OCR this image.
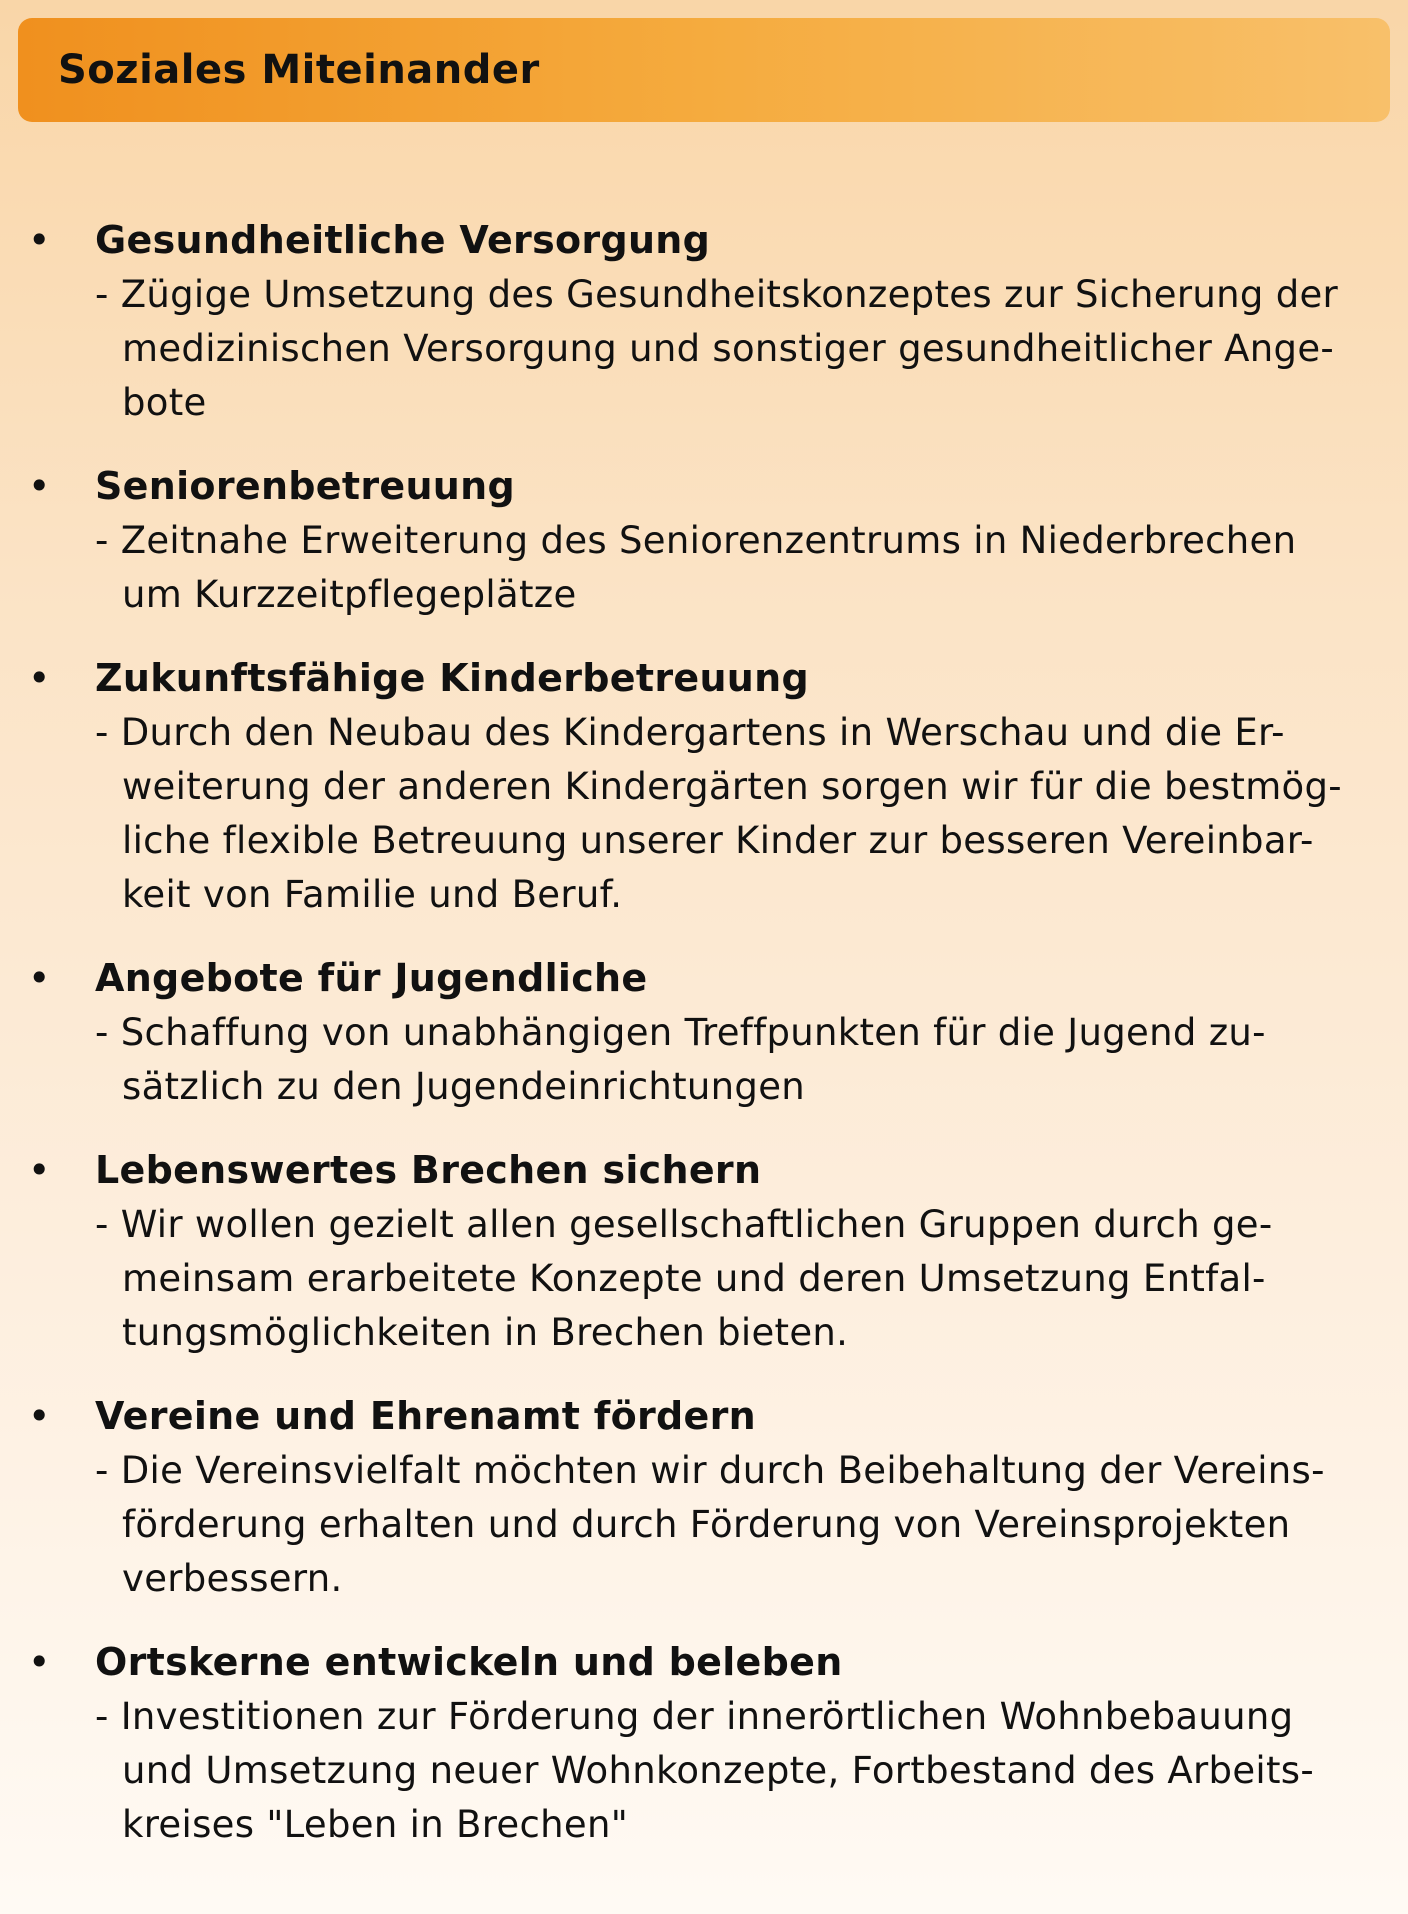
Soziales Miteinander
• Gesundheitliche Versorgung
- Zügige Umsetzung des Gesundheitskonzeptes zur Sicherung der
medizinischen Versorgung und sonstiger gesundheitlicher Ange-
bote
• Seniorenbetreuung
- Zeitnahe Erweiterung des Seniorenzentrums in Niederbrechen
um Kurzzeitpflegeplätze
• Zukunftsfähige Kinderbetreuung
- Durch den Neubau des Kindergartens in Werschau und die Er-
weiterung der anderen Kindergärten sorgen wir für die bestmög-
liche flexible Betreuung unserer Kinder zur besseren Vereinbar-
keit von Familie und Beruf.
• Angebote für Jugendliche
- Schaffung von unabhängigen Treffpunkten für die Jugend zu-
sätzlich zu den Jugendeinrichtungen
• Lebenswertes Brechen sichern
- Wir wollen gezielt allen gesellschaftlichen Gruppen durch ge-
meinsam erarbeitete Konzepte und deren Umsetzung Entfal-
tungsmöglichkeiten in Brechen bieten.
• Vereine und Ehrenamt fördern
- Die Vereinsvielfalt möchten wir durch Beibehaltung der Vereins-
förderung erhalten und durch Förderung von Vereinsprojekten
verbessern.
• Ortskerne entwickeln und beleben
- Investitionen zur Förderung der innerörtlichen Wohnbebauung
und Umsetzung neuer Wohnkonzepte, Fortbestand des Arbeits-
kreises "Leben in Brechen"
